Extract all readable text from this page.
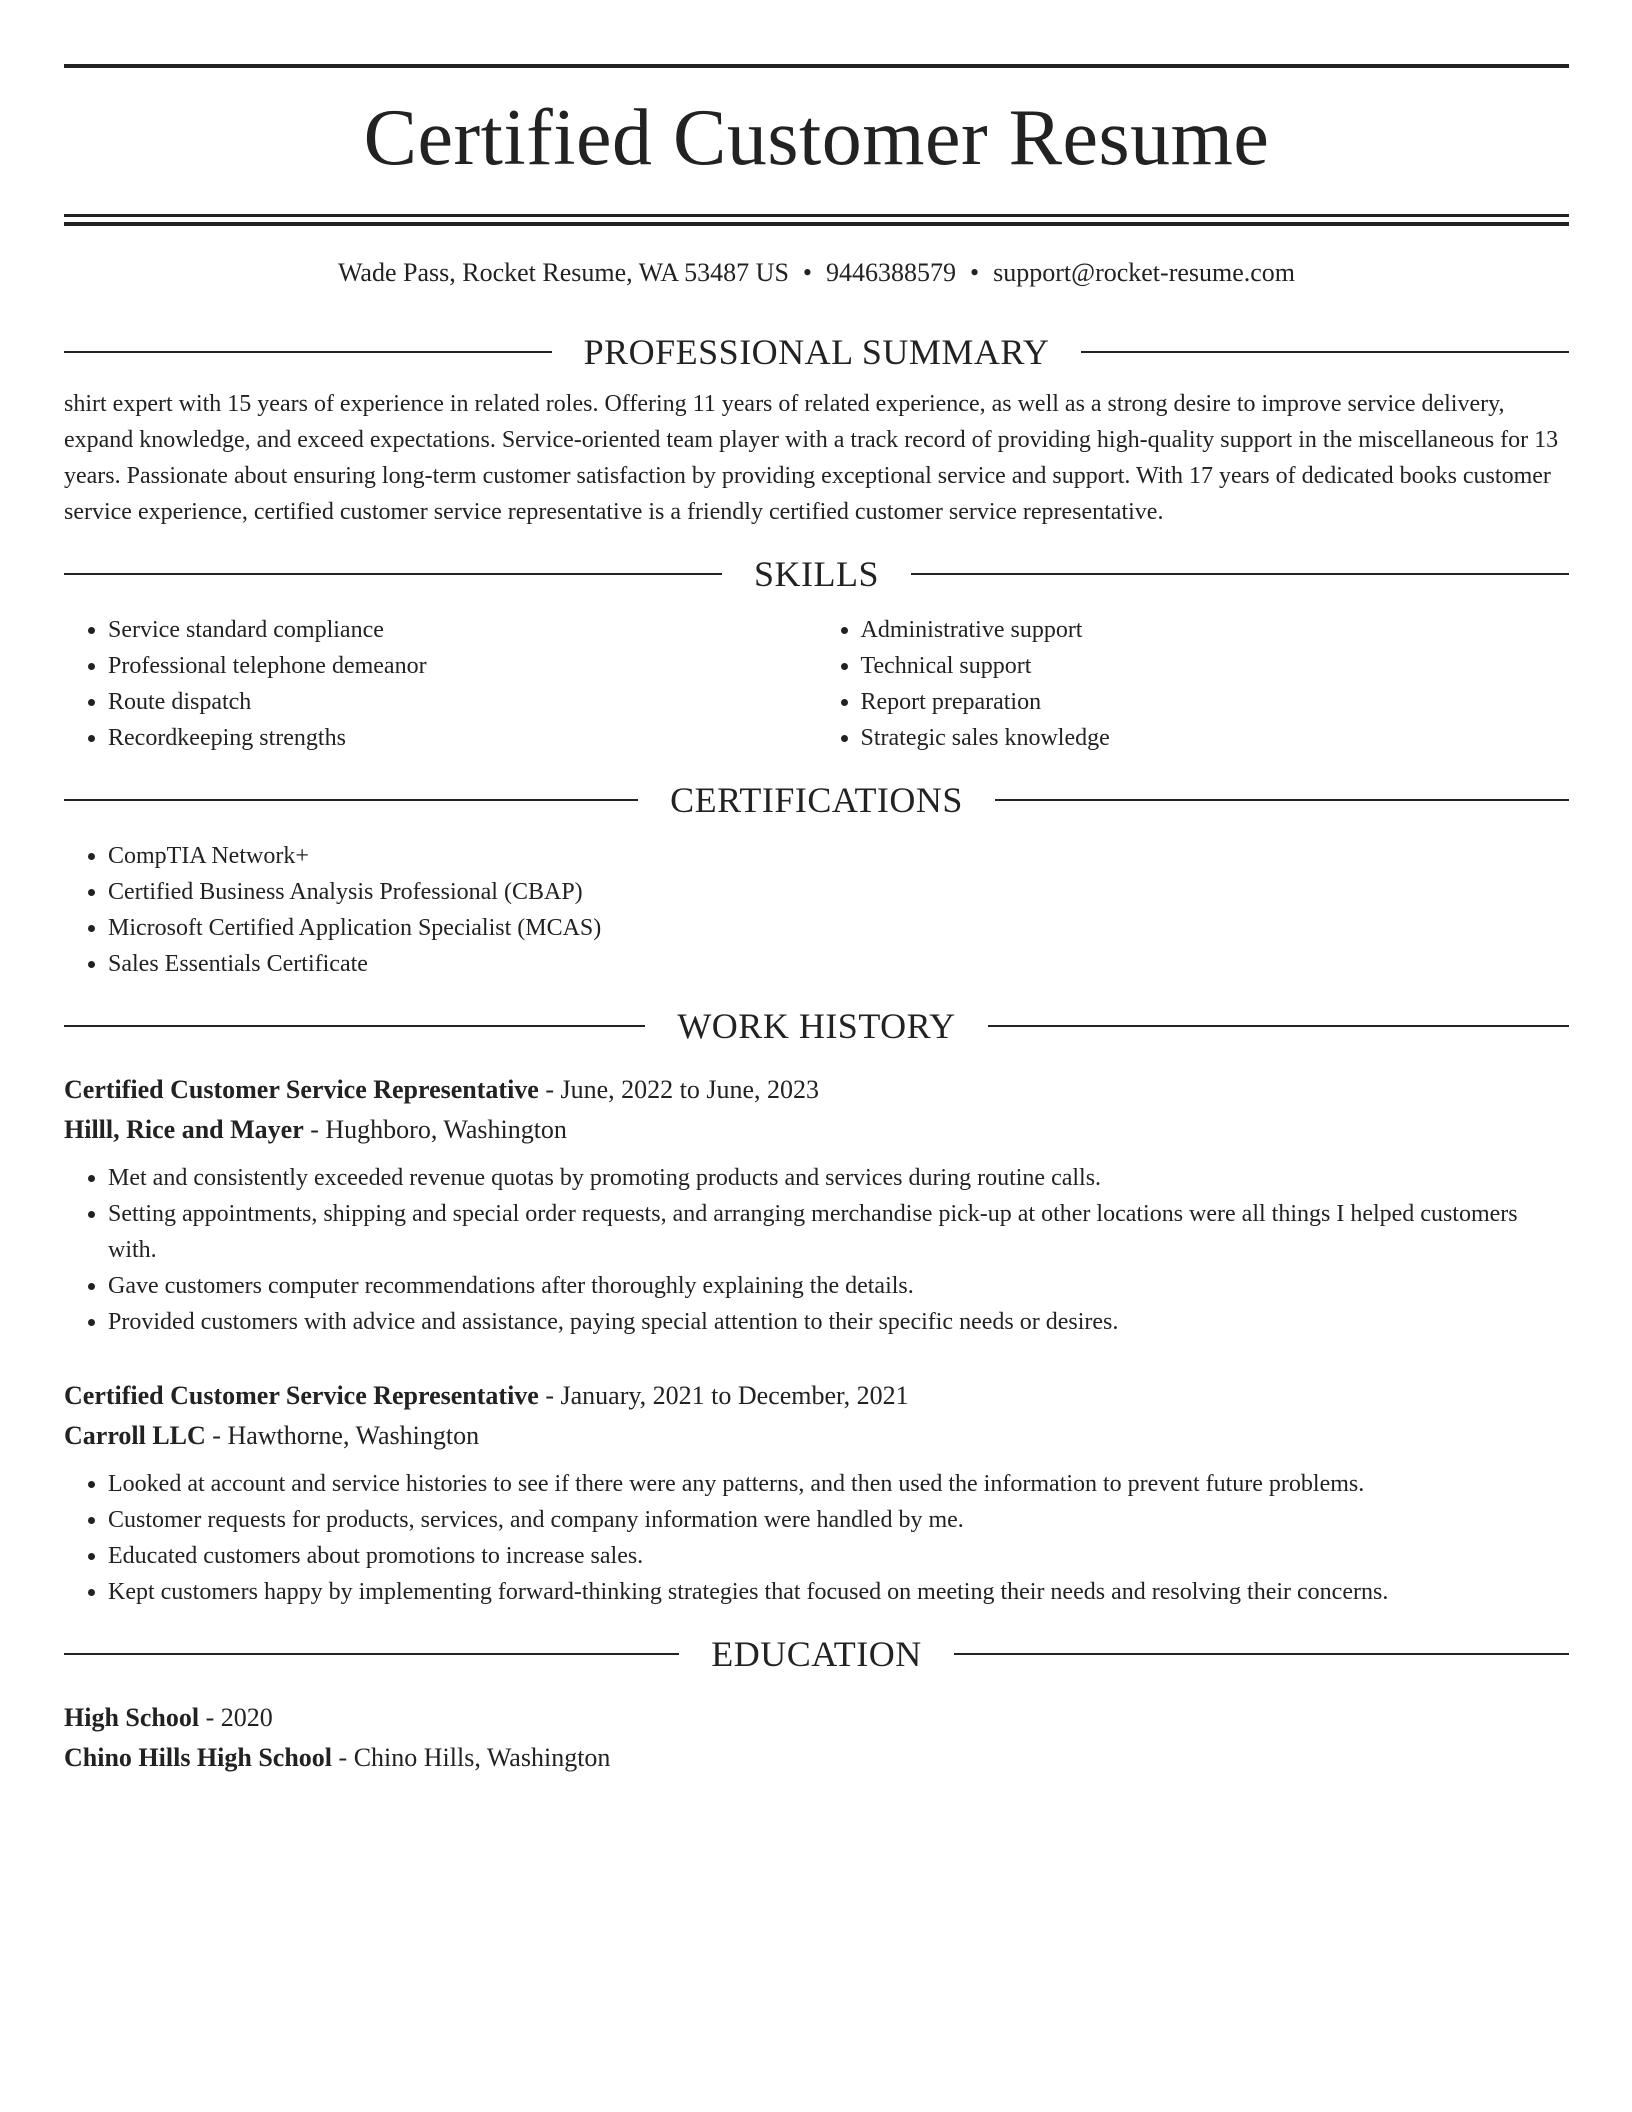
Certified Customer Resume
Wade Pass, Rocket Resume, WA 53487 US • 9446388579 • support@rocket-resume.com
PROFESSIONAL SUMMARY
shirt expert with 15 years of experience in related roles. Offering 11 years of related experience, as well as a strong desire to improve service delivery, expand knowledge, and exceed expectations. Service-oriented team player with a track record of providing high-quality support in the miscellaneous for 13 years. Passionate about ensuring long-term customer satisfaction by providing exceptional service and support. With 17 years of dedicated books customer service experience, certified customer service representative is a friendly certified customer service representative.
SKILLS
• Service standard compliance
• Professional telephone demeanor
• Route dispatch
• Recordkeeping strengths
• Administrative support
• Technical support
• Report preparation
• Strategic sales knowledge
CERTIFICATIONS
• CompTIA Network+
• Certified Business Analysis Professional (CBAP)
• Microsoft Certified Application Specialist (MCAS)
• Sales Essentials Certificate
WORK HISTORY
Certified Customer Service Representative - June, 2022 to June, 2023
Hilll, Rice and Mayer - Hughboro, Washington
• Met and consistently exceeded revenue quotas by promoting products and services during routine calls.
• Setting appointments, shipping and special order requests, and arranging merchandise pick-up at other locations were all things I helped customers with.
• Gave customers computer recommendations after thoroughly explaining the details.
• Provided customers with advice and assistance, paying special attention to their specific needs or desires.
Certified Customer Service Representative - January, 2021 to December, 2021
Carroll LLC - Hawthorne, Washington
• Looked at account and service histories to see if there were any patterns, and then used the information to prevent future problems.
• Customer requests for products, services, and company information were handled by me.
• Educated customers about promotions to increase sales.
• Kept customers happy by implementing forward-thinking strategies that focused on meeting their needs and resolving their concerns.
EDUCATION
High School - 2020
Chino Hills High School - Chino Hills, Washington
